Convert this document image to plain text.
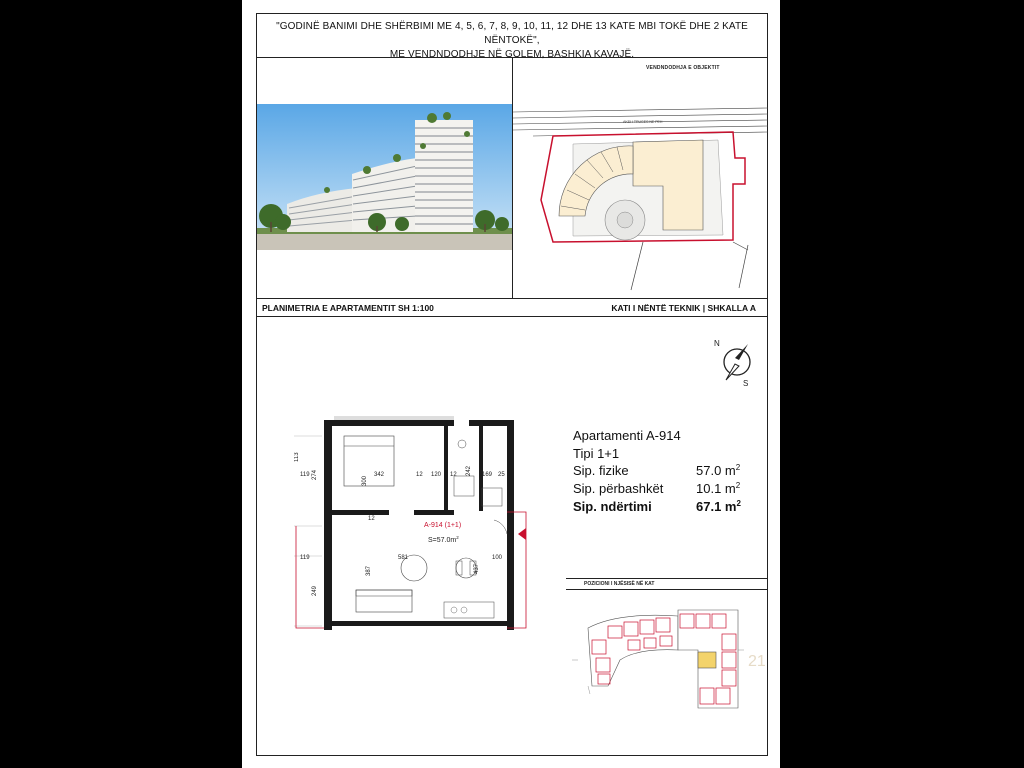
"GODINË BANIMI DHE SHËRBIMI ME 4, 5, 6, 7, 8, 9, 10, 11, 12 DHE 13 KATE MBI TOKË DHE 2 KATE NËNTOKË",
ME VENDNDODHJE NË GOLEM, BASHKIA KAVAJË.
VENDNDODHJA E OBJEKTIT
AKSI I TRUGES NE PEH
PLANIMETRIA E APARTAMENTIT SH 1:100	KATI I NËNTË TEKNIK | SHKALLA A
N
S
113
119 274
300
342	12 120 12 242 169 25
12
119	581	100
387	437
249
A-914 (1+1)
$S=57.0m^2$
Apartamenti A-914
Tipi 1+1
Sip. fizike	57.0 $m^2$
Sip. përbashkët	10.1 $m^2$
Sip. ndërtimi	67.1 $m^2$
POZICIONI I NJËSISË NË KAT
21
